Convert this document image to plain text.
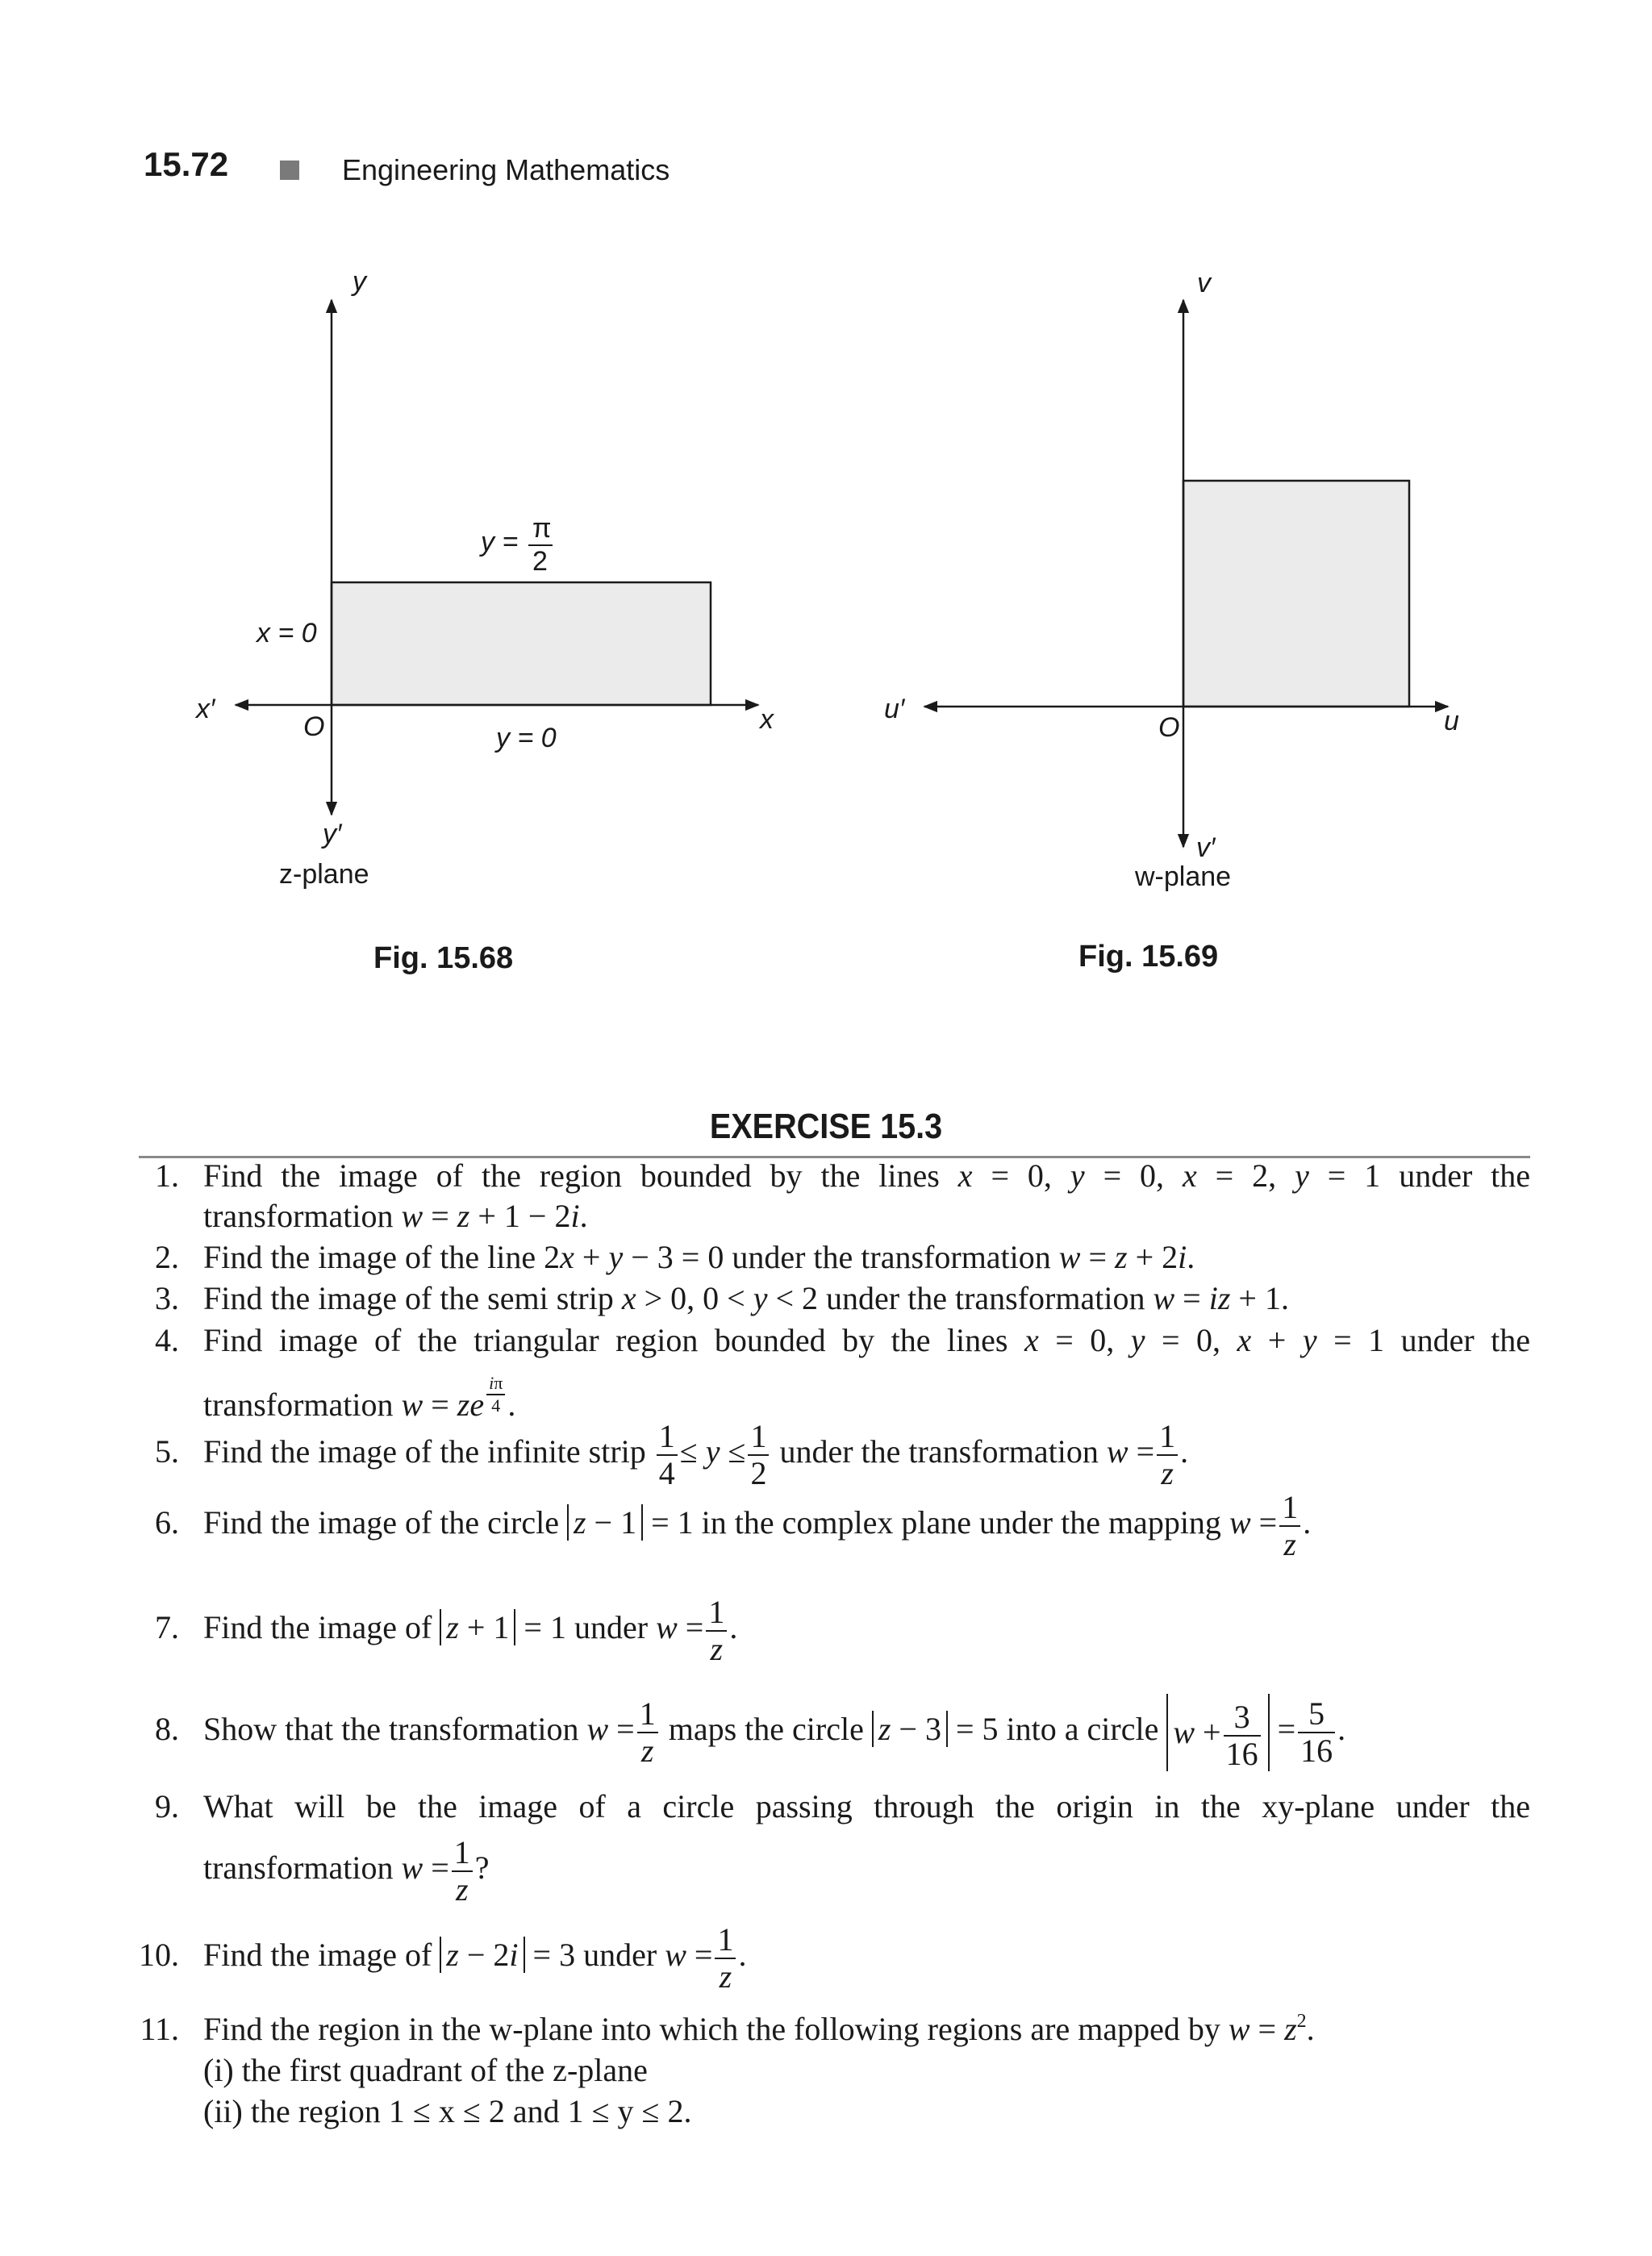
15.72	Engineering Mathematics
y
x
x′
O
y′
x = 0
y = 0
y = π
2
z-plane
Fig. 15.68
v
u
u′
O
v′
w-plane
Fig. 15.69
EXERCISE 15.3
1. Find the image of the region bounded by the lines x = 0, y = 0, x = 2, y = 1 under the
transformation w = z + 1 − 2i.
2. Find the image of the line 2x + y − 3 = 0 under the transformation w = z + 2i.
3. Find the image of the semi strip x > 0, 0 < y < 2 under the transformation w = iz + 1.
4. Find image of the triangular region bounded by the lines x = 0, y = 0, x + y = 1 under the
transformation w = ze $^{\frac{i\pi}{4}}$ .
5. Find the image of the infinite strip $\frac{1}{4} \le y \le \frac{1}{2}$ under the transformation $w = \frac{1}{z}$ .
6. Find the image of the circle z − 1 = 1 in the complex plane under the mapping $w = \frac{1}{z}$ .
7. Find the image of z + 1 = 1 under $w = \frac{1}{z}$ .
8. Show that the transformation $w = \frac{1}{z}$ maps the circle z − 3 = 5 into a circle $w + \frac{3}{16} = \frac{5}{16}$ .
9. What will be the image of a circle passing through the origin in the xy-plane under the
transformation $w = \frac{1}{z}$ ?
10. Find the image of z − 2i = 3 under $w = \frac{1}{z}$ .
11. Find the region in the w-plane into which the following regions are mapped by $w = z^2$.
(i) the first quadrant of the z-plane
(ii) the region 1 ≤ x ≤ 2 and 1 ≤ y ≤ 2.
